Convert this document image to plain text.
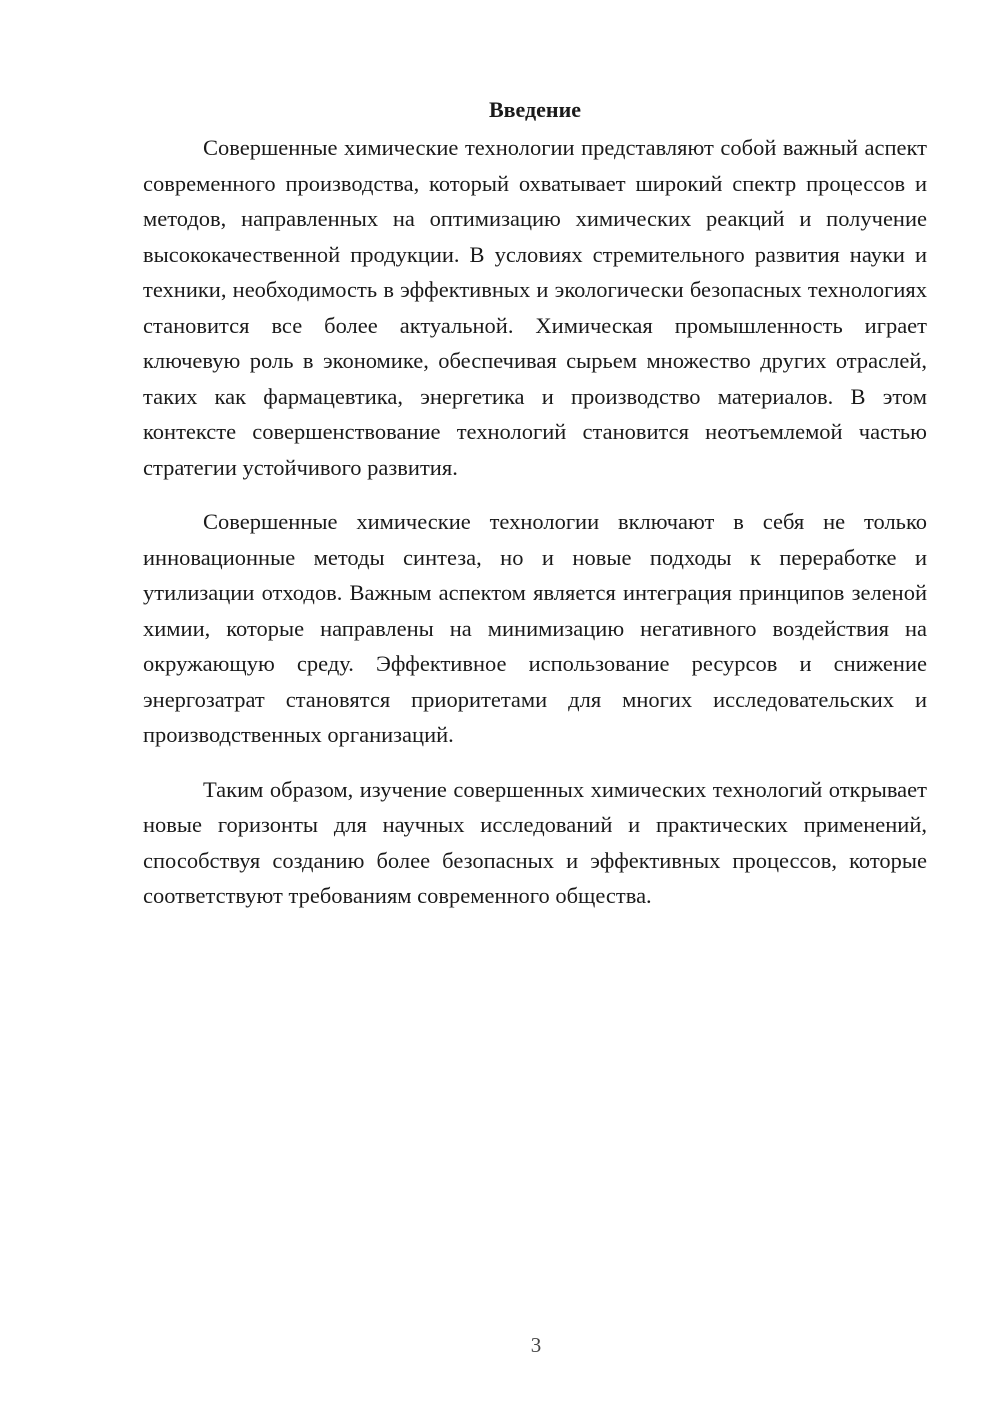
Введение

Совершенные химические технологии представляют собой важный аспект современного производства, который охватывает широкий спектр процессов и методов, направленных на оптимизацию химических реакций и получение высококачественной продукции. В условиях стремительного развития науки и техники, необходимость в эффективных и экологически безопасных технологиях становится все более актуальной. Химическая промышленность играет ключевую роль в экономике, обеспечивая сырьем множество других отраслей, таких как фармацевтика, энергетика и производство материалов. В этом контексте совершенствование технологий становится неотъемлемой частью стратегии устойчивого развития.

Совершенные химические технологии включают в себя не только инновационные методы синтеза, но и новые подходы к переработке и утилизации отходов. Важным аспектом является интеграция принципов зеленой химии, которые направлены на минимизацию негативного воздействия на окружающую среду. Эффективное использование ресурсов и снижение энергозатрат становятся приоритетами для многих исследовательских и производственных организаций.

Таким образом, изучение совершенных химических технологий открывает новые горизонты для научных исследований и практических применений, способствуя созданию более безопасных и эффективных процессов, которые соответствуют требованиям современного общества.

3
